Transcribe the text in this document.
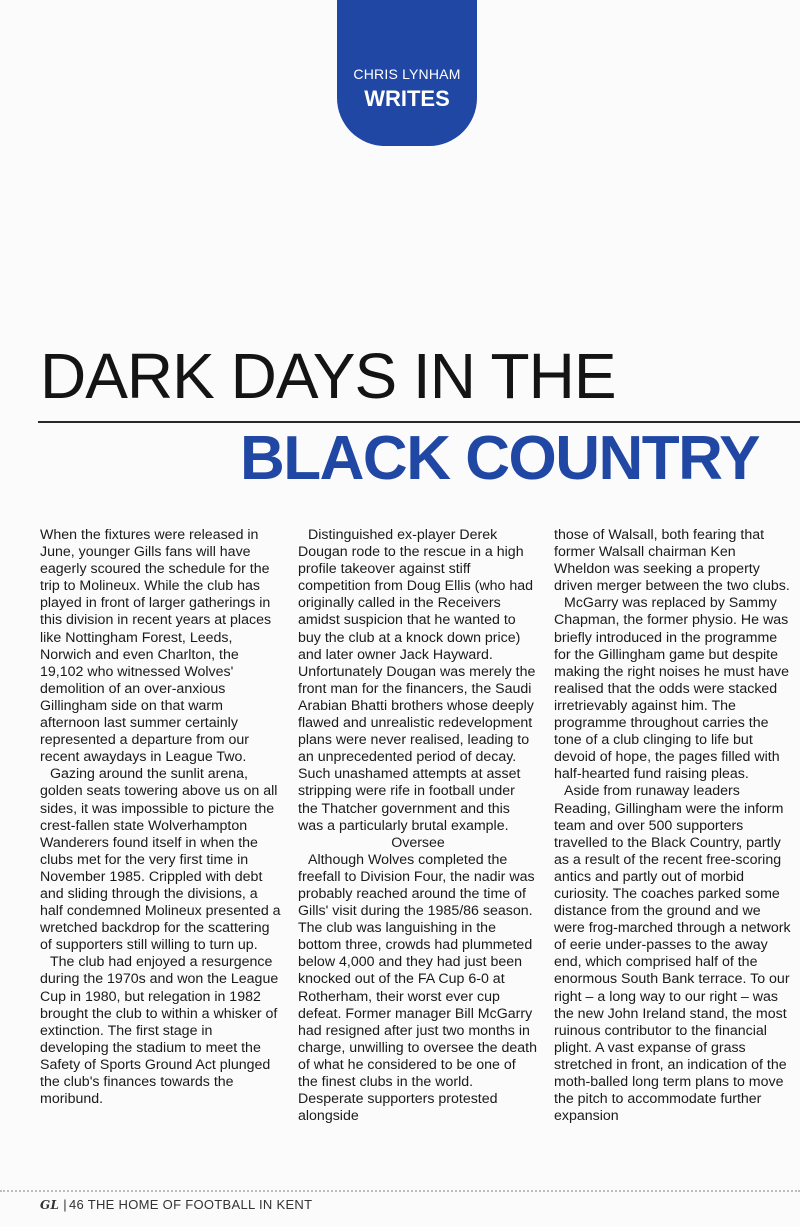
CHRIS LYNHAM
WRITES
DARK DAYS IN THE
BLACK COUNTRY

When the fixtures were released in June, younger Gills fans will have eagerly scoured the schedule for the trip to Molineux. While the club has played in front of larger gatherings in this division in recent years at places like Nottingham Forest, Leeds, Norwich and even Charlton, the 19,102 who witnessed Wolves' demolition of an over-anxious Gillingham side on that warm afternoon last summer certainly represented a departure from our recent awaydays in League Two.

Gazing around the sunlit arena, golden seats towering above us on all sides, it was impossible to picture the crest-fallen state Wolverhampton Wanderers found itself in when the clubs met for the very first time in November 1985. Crippled with debt and sliding through the divisions, a half condemned Molineux presented a wretched backdrop for the scattering of supporters still willing to turn up.

The club had enjoyed a resurgence during the 1970s and won the League Cup in 1980, but relegation in 1982 brought the club to within a whisker of extinction. The first stage in developing the stadium to meet the Safety of Sports Ground Act plunged the club's finances towards the moribund.

Distinguished ex-player Derek Dougan rode to the rescue in a high profile takeover against stiff competition from Doug Ellis (who had originally called in the Receivers amidst suspicion that he wanted to buy the club at a knock down price) and later owner Jack Hayward. Unfortunately Dougan was merely the front man for the financers, the Saudi Arabian Bhatti brothers whose deeply flawed and unrealistic redevelopment plans were never realised, leading to an unprecedented period of decay. Such unashamed attempts at asset stripping were rife in football under the Thatcher government and this was a particularly brutal example.

Oversee

Although Wolves completed the freefall to Division Four, the nadir was probably reached around the time of Gills' visit during the 1985/86 season. The club was languishing in the bottom three, crowds had plummeted below 4,000 and they had just been knocked out of the FA Cup 6-0 at Rotherham, their worst ever cup defeat. Former manager Bill McGarry had resigned after just two months in charge, unwilling to oversee the death of what he considered to be one of the finest clubs in the world. Desperate supporters protested alongside

those of Walsall, both fearing that former Walsall chairman Ken Wheldon was seeking a property driven merger between the two clubs.

McGarry was replaced by Sammy Chapman, the former physio. He was briefly introduced in the programme for the Gillingham game but despite making the right noises he must have realised that the odds were stacked irretrievably against him. The programme throughout carries the tone of a club clinging to life but devoid of hope, the pages filled with half-hearted fund raising pleas.

Aside from runaway leaders Reading, Gillingham were the inform team and over 500 supporters travelled to the Black Country, partly as a result of the recent free-scoring antics and partly out of morbid curiosity. The coaches parked some distance from the ground and we were frog-marched through a network of eerie under-passes to the away end, which comprised half of the enormous South Bank terrace. To our right – a long way to our right – was the new John Ireland stand, the most ruinous contributor to the financial plight. A vast expanse of grass stretched in front, an indication of the moth-balled long term plans to move the pitch to accommodate further expansion

GL | 46 THE HOME OF FOOTBALL IN KENT
